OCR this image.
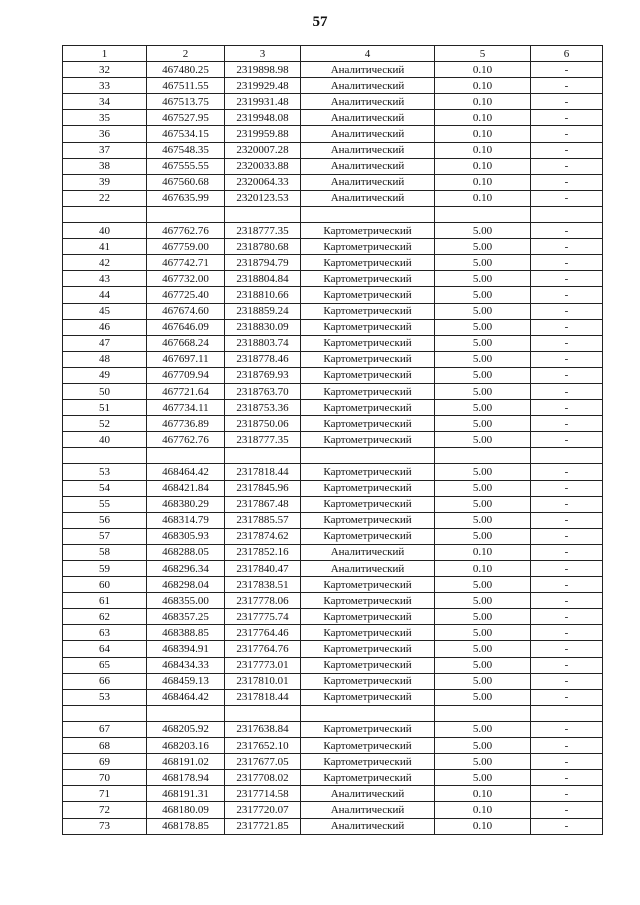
57
1	2	3	4	5	6
32	467480.25	2319898.98	Аналитический	0.10	-
33	467511.55	2319929.48	Аналитический	0.10	-
34	467513.75	2319931.48	Аналитический	0.10	-
35	467527.95	2319948.08	Аналитический	0.10	-
36	467534.15	2319959.88	Аналитический	0.10	-
37	467548.35	2320007.28	Аналитический	0.10	-
38	467555.55	2320033.88	Аналитический	0.10	-
39	467560.68	2320064.33	Аналитический	0.10	-
22	467635.99	2320123.53	Аналитический	0.10	-

40	467762.76	2318777.35	Картометрический	5.00	-
41	467759.00	2318780.68	Картометрический	5.00	-
42	467742.71	2318794.79	Картометрический	5.00	-
43	467732.00	2318804.84	Картометрический	5.00	-
44	467725.40	2318810.66	Картометрический	5.00	-
45	467674.60	2318859.24	Картометрический	5.00	-
46	467646.09	2318830.09	Картометрический	5.00	-
47	467668.24	2318803.74	Картометрический	5.00	-
48	467697.11	2318778.46	Картометрический	5.00	-
49	467709.94	2318769.93	Картометрический	5.00	-
50	467721.64	2318763.70	Картометрический	5.00	-
51	467734.11	2318753.36	Картометрический	5.00	-
52	467736.89	2318750.06	Картометрический	5.00	-
40	467762.76	2318777.35	Картометрический	5.00	-

53	468464.42	2317818.44	Картометрический	5.00	-
54	468421.84	2317845.96	Картометрический	5.00	-
55	468380.29	2317867.48	Картометрический	5.00	-
56	468314.79	2317885.57	Картометрический	5.00	-
57	468305.93	2317874.62	Картометрический	5.00	-
58	468288.05	2317852.16	Аналитический	0.10	-
59	468296.34	2317840.47	Аналитический	0.10	-
60	468298.04	2317838.51	Картометрический	5.00	-
61	468355.00	2317778.06	Картометрический	5.00	-
62	468357.25	2317775.74	Картометрический	5.00	-
63	468388.85	2317764.46	Картометрический	5.00	-
64	468394.91	2317764.76	Картометрический	5.00	-
65	468434.33	2317773.01	Картометрический	5.00	-
66	468459.13	2317810.01	Картометрический	5.00	-
53	468464.42	2317818.44	Картометрический	5.00	-

67	468205.92	2317638.84	Картометрический	5.00	-
68	468203.16	2317652.10	Картометрический	5.00	-
69	468191.02	2317677.05	Картометрический	5.00	-
70	468178.94	2317708.02	Картометрический	5.00	-
71	468191.31	2317714.58	Аналитический	0.10	-
72	468180.09	2317720.07	Аналитический	0.10	-
73	468178.85	2317721.85	Аналитический	0.10	-
